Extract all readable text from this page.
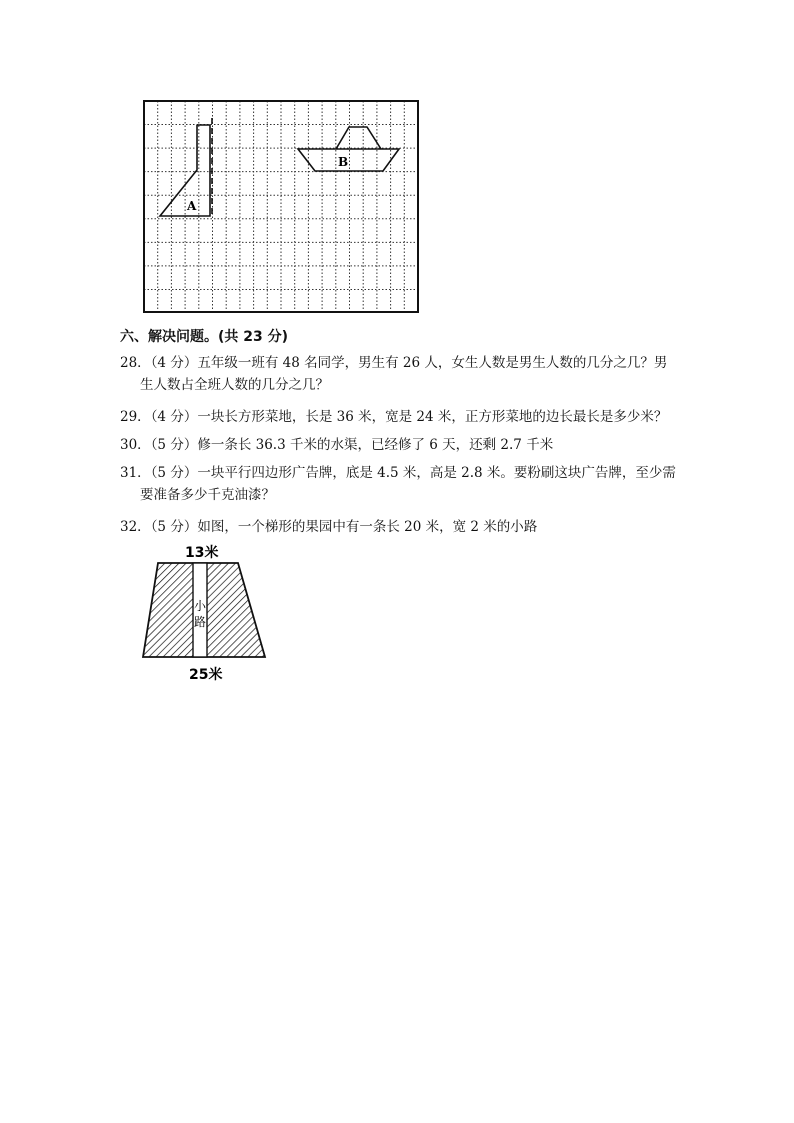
A
B
六、解决问题。(共 23 分)
28．（4 分）五年级一班有 48 名同学，男生有 26 人，女生人数是男生人数的几分之几？男
生人数占全班人数的几分之几？
29．（4 分）一块长方形菜地，长是 36 米，宽是 24 米，正方形菜地的边长最长是多少米？
30．（5 分）修一条长 36.3 千米的水渠，已经修了 6 天，还剩 2.7 千米
31．（5 分）一块平行四边形广告牌，底是 4.5 米，高是 2.8 米。要粉刷这块广告牌，至少需
要准备多少千克油漆？
32．（5 分）如图，一个梯形的果园中有一条长 20 米，宽 2 米的小路
13米
小
路
25米
